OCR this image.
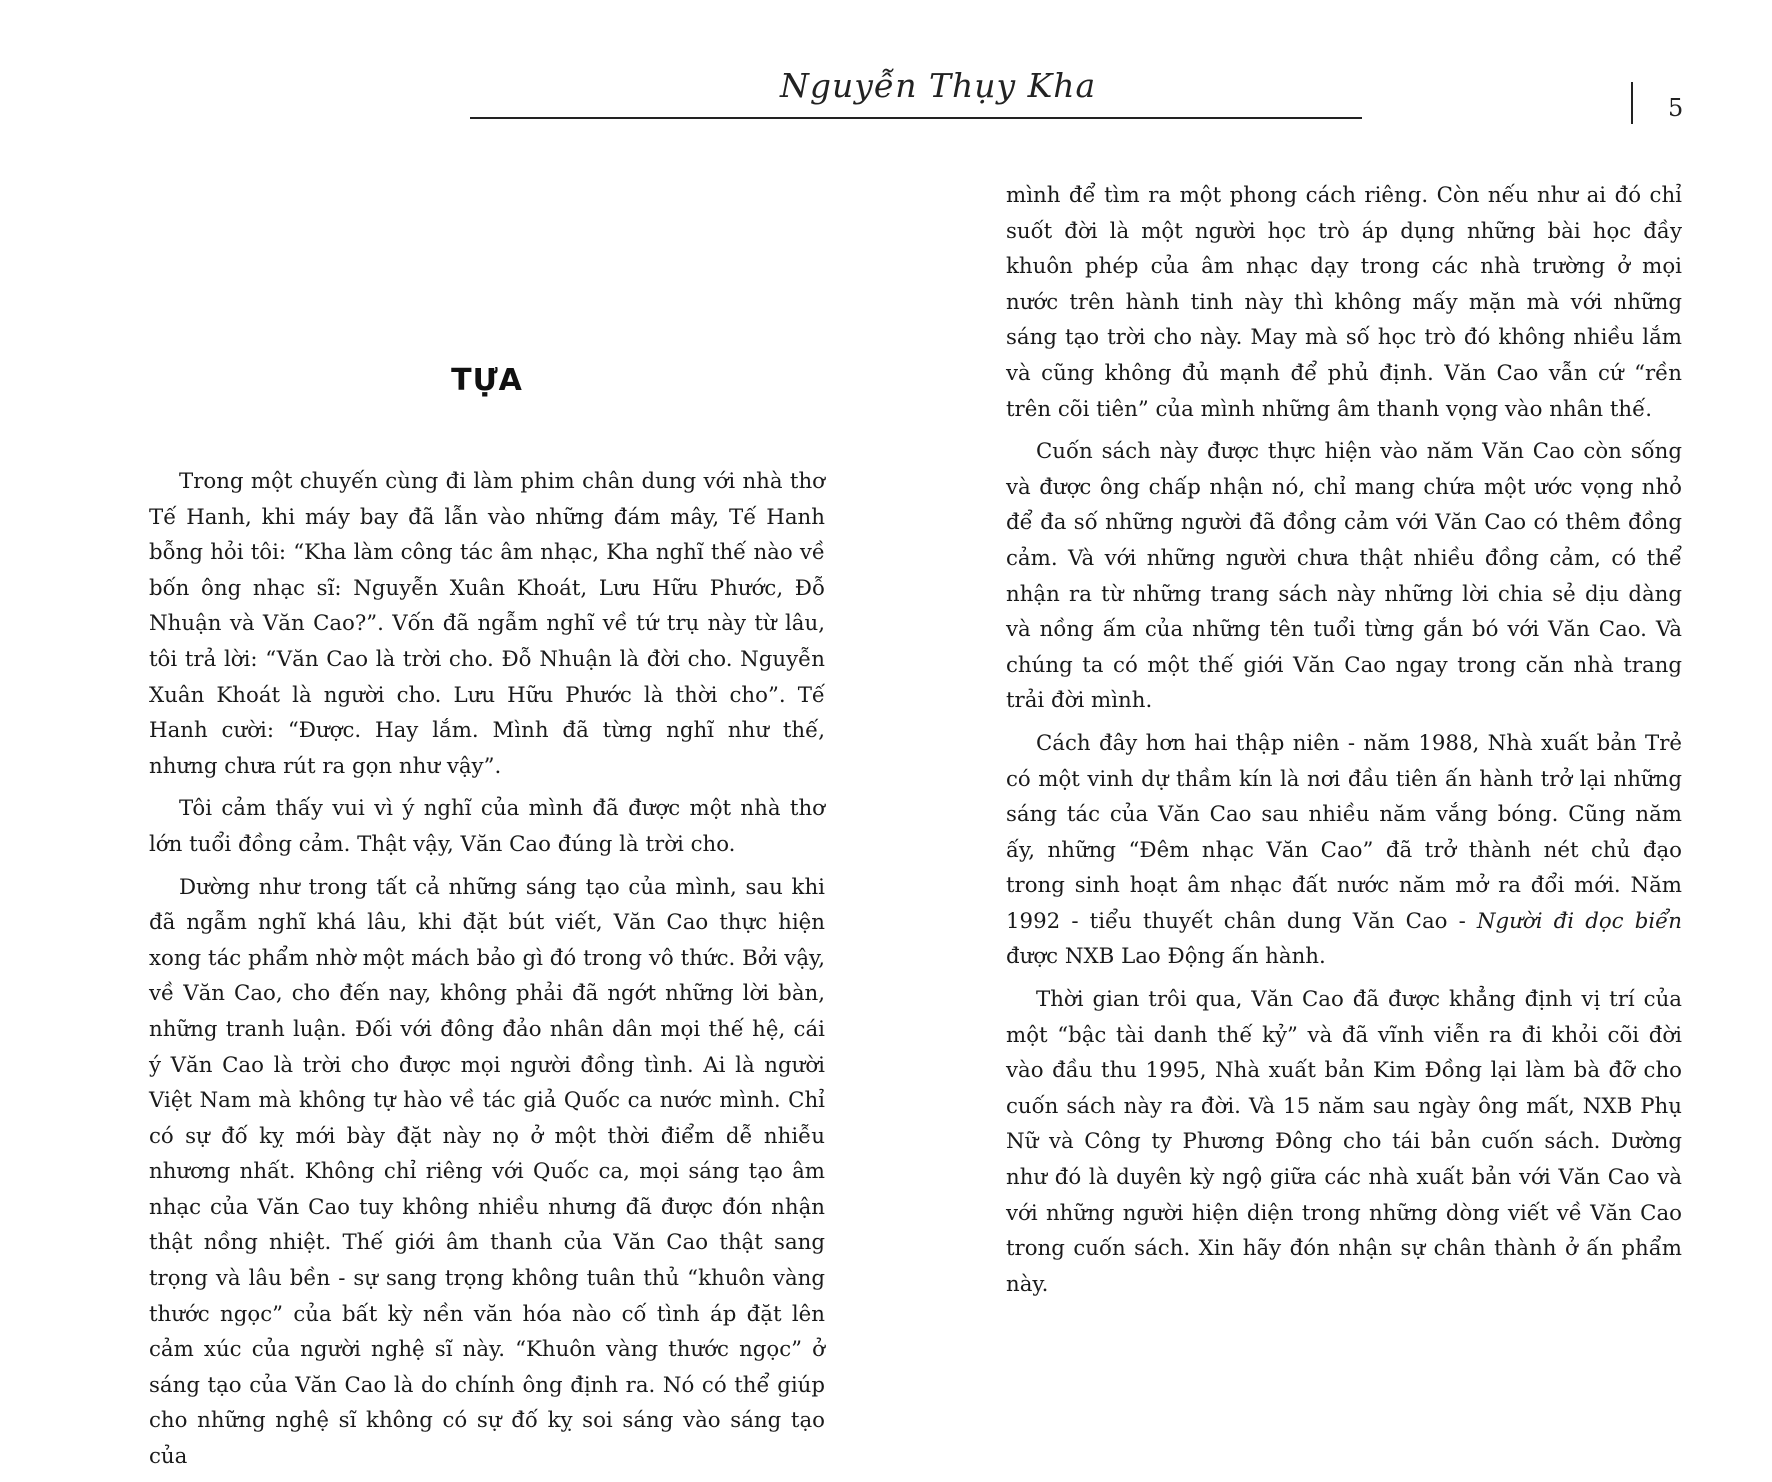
Nguyễn Thụy Kha

5

TỰA

Trong một chuyến cùng đi làm phim chân dung với nhà thơ Tế Hanh, khi máy bay đã lẫn vào những đám mây, Tế Hanh bỗng hỏi tôi: “Kha làm công tác âm nhạc, Kha nghĩ thế nào về bốn ông nhạc sĩ: Nguyễn Xuân Khoát, Lưu Hữu Phước, Đỗ Nhuận và Văn Cao?”. Vốn đã ngẫm nghĩ về tứ trụ này từ lâu, tôi trả lời: “Văn Cao là trời cho. Đỗ Nhuận là đời cho. Nguyễn Xuân Khoát là người cho. Lưu Hữu Phước là thời cho”. Tế Hanh cười: “Được. Hay lắm. Mình đã từng nghĩ như thế, nhưng chưa rút ra gọn như vậy”.

Tôi cảm thấy vui vì ý nghĩ của mình đã được một nhà thơ lớn tuổi đồng cảm. Thật vậy, Văn Cao đúng là trời cho.

Dường như trong tất cả những sáng tạo của mình, sau khi đã ngẫm nghĩ khá lâu, khi đặt bút viết, Văn Cao thực hiện xong tác phẩm nhờ một mách bảo gì đó trong vô thức. Bởi vậy, về Văn Cao, cho đến nay, không phải đã ngớt những lời bàn, những tranh luận. Đối với đông đảo nhân dân mọi thế hệ, cái ý Văn Cao là trời cho được mọi người đồng tình. Ai là người Việt Nam mà không tự hào về tác giả Quốc ca nước mình. Chỉ có sự đố kỵ mới bày đặt này nọ ở một thời điểm dễ nhiễu nhương nhất. Không chỉ riêng với Quốc ca, mọi sáng tạo âm nhạc của Văn Cao tuy không nhiều nhưng đã được đón nhận thật nồng nhiệt. Thế giới âm thanh của Văn Cao thật sang trọng và lâu bền - sự sang trọng không tuân thủ “khuôn vàng thước ngọc” của bất kỳ nền văn hóa nào cố tình áp đặt lên cảm xúc của người nghệ sĩ này. “Khuôn vàng thước ngọc” ở sáng tạo của Văn Cao là do chính ông định ra. Nó có thể giúp cho những nghệ sĩ không có sự đố kỵ soi sáng vào sáng tạo của

mình để tìm ra một phong cách riêng. Còn nếu như ai đó chỉ suốt đời là một người học trò áp dụng những bài học đầy khuôn phép của âm nhạc dạy trong các nhà trường ở mọi nước trên hành tinh này thì không mấy mặn mà với những sáng tạo trời cho này. May mà số học trò đó không nhiều lắm và cũng không đủ mạnh để phủ định. Văn Cao vẫn cứ “rền trên cõi tiên” của mình những âm thanh vọng vào nhân thế.

Cuốn sách này được thực hiện vào năm Văn Cao còn sống và được ông chấp nhận nó, chỉ mang chứa một ước vọng nhỏ để đa số những người đã đồng cảm với Văn Cao có thêm đồng cảm. Và với những người chưa thật nhiều đồng cảm, có thể nhận ra từ những trang sách này những lời chia sẻ dịu dàng và nồng ấm của những tên tuổi từng gắn bó với Văn Cao. Và chúng ta có một thế giới Văn Cao ngay trong căn nhà trang trải đời mình.

Cách đây hơn hai thập niên - năm 1988, Nhà xuất bản Trẻ có một vinh dự thầm kín là nơi đầu tiên ấn hành trở lại những sáng tác của Văn Cao sau nhiều năm vắng bóng. Cũng năm ấy, những “Đêm nhạc Văn Cao” đã trở thành nét chủ đạo trong sinh hoạt âm nhạc đất nước năm mở ra đổi mới. Năm 1992 - tiểu thuyết chân dung Văn Cao - Người đi dọc biển được NXB Lao Động ấn hành.

Thời gian trôi qua, Văn Cao đã được khẳng định vị trí của một “bậc tài danh thế kỷ” và đã vĩnh viễn ra đi khỏi cõi đời vào đầu thu 1995, Nhà xuất bản Kim Đồng lại làm bà đỡ cho cuốn sách này ra đời. Và 15 năm sau ngày ông mất, NXB Phụ Nữ và Công ty Phương Đông cho tái bản cuốn sách. Dường như đó là duyên kỳ ngộ giữa các nhà xuất bản với Văn Cao và với những người hiện diện trong những dòng viết về Văn Cao trong cuốn sách. Xin hãy đón nhận sự chân thành ở ấn phẩm này.
